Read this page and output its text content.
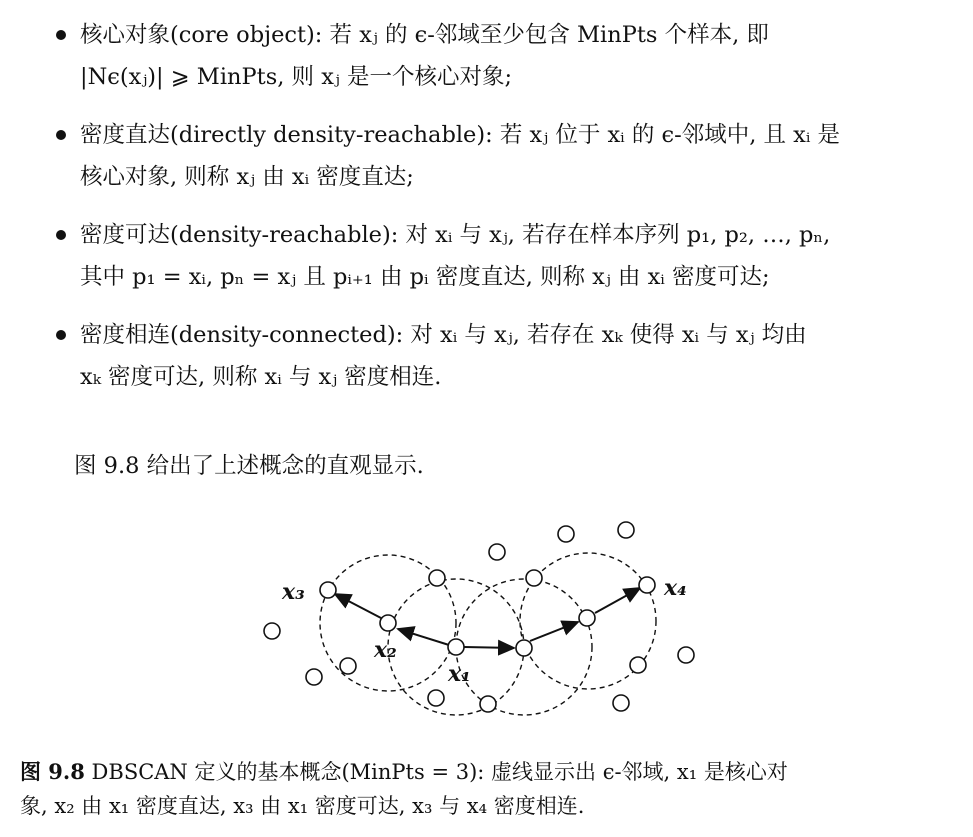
核心对象(core object): 若 xⱼ 的 ϵ-邻域至少包含 MinPts 个样本, 即
|Nϵ(xⱼ)| ⩾ MinPts, 则 xⱼ 是一个核心对象;
密度直达(directly density-reachable): 若 xⱼ 位于 xᵢ 的 ϵ-邻域中, 且 xᵢ 是
核心对象, 则称 xⱼ 由 xᵢ 密度直达;
密度可达(density-reachable): 对 xᵢ 与 xⱼ, 若存在样本序列 p₁, p₂, …, pₙ,
其中 p₁ = xᵢ, pₙ = xⱼ 且 pᵢ₊₁ 由 pᵢ 密度直达, 则称 xⱼ 由 xᵢ 密度可达;
密度相连(density-connected): 对 xᵢ 与 xⱼ, 若存在 xₖ 使得 xᵢ 与 xⱼ 均由
xₖ 密度可达, 则称 xᵢ 与 xⱼ 密度相连.
图 9.8 给出了上述概念的直观显示.
x₃
x₂
x₁
x₄
图 9.8 DBSCAN 定义的基本概念(MinPts = 3): 虚线显示出 ϵ-邻域, x₁ 是核心对
象, x₂ 由 x₁ 密度直达, x₃ 由 x₁ 密度可达, x₃ 与 x₄ 密度相连.
